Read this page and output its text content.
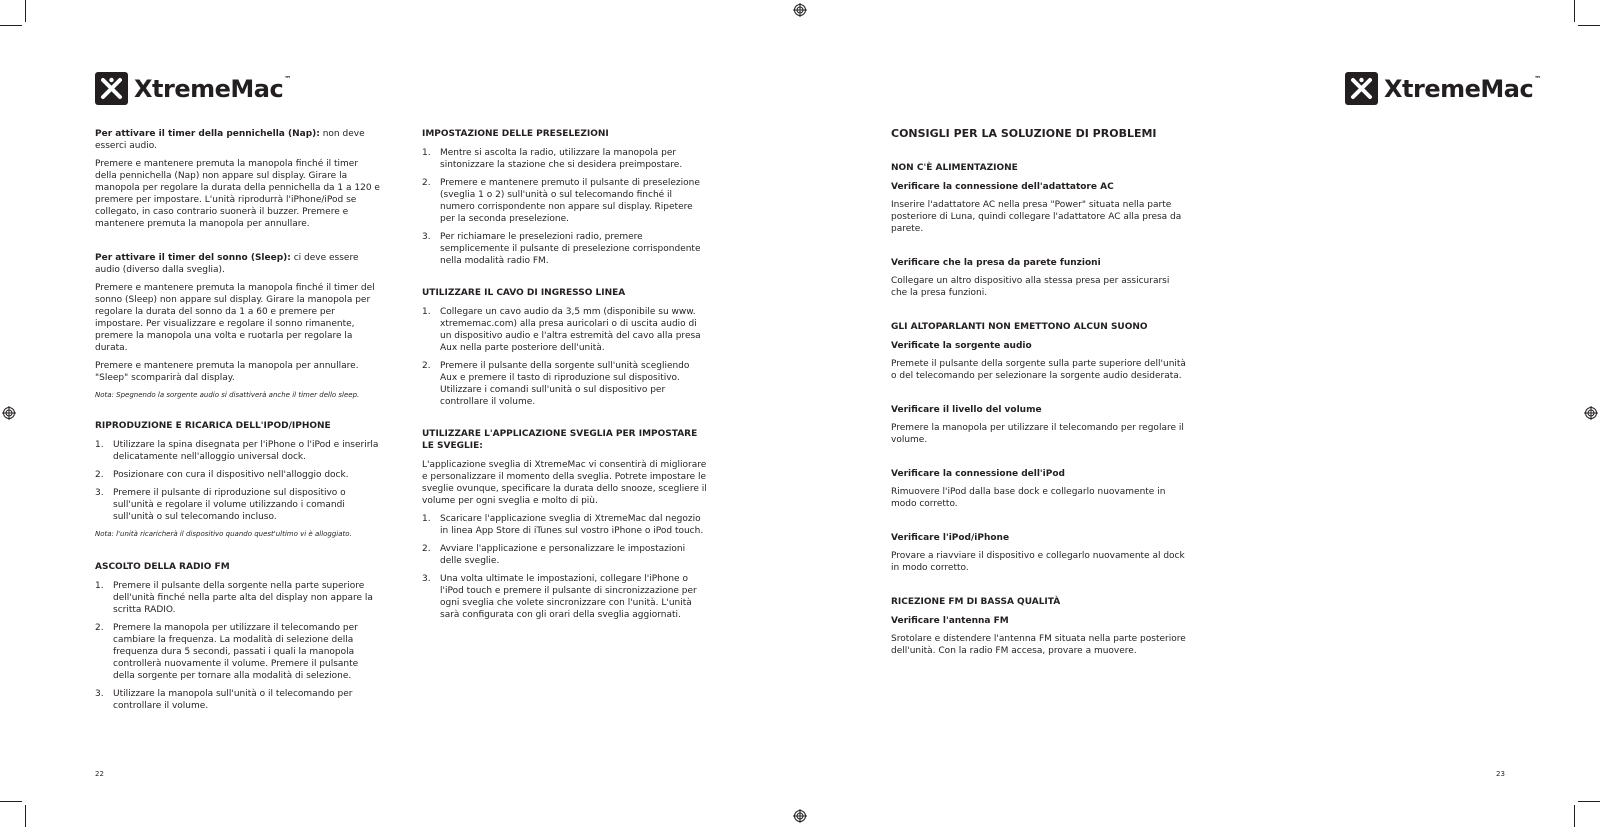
XtremeMac™	XtremeMac™

Per attivare il timer della pennichella (Nap): non deve esserci audio.

Premere e mantenere premuta la manopola finché il timer della pennichella (Nap) non appare sul display. Girare la manopola per regolare la durata della pennichella da 1 a 120 e premere per impostare. L'unità riprodurrà l'iPhone/iPod se collegato, in caso contrario suonerà il buzzer. Premere e mantenere premuta la manopola per annullare.

Per attivare il timer del sonno (Sleep): ci deve essere audio (diverso dalla sveglia).

Premere e mantenere premuta la manopola finché il timer del sonno (Sleep) non appare sul display. Girare la manopola per regolare la durata del sonno da 1 a 60 e premere per impostare. Per visualizzare e regolare il sonno rimanente, premere la manopola una volta e ruotarla per regolare la durata.

Premere e mantenere premuta la manopola per annullare. "Sleep" scomparirà dal display.

Nota: Spegnendo la sorgente audio si disattiverà anche il timer dello sleep.

RIPRODUZIONE E RICARICA DELL'IPOD/IPHONE
1.	Utilizzare la spina disegnata per l'iPhone o l'iPod e inserirla delicatamente nell'alloggio universal dock.
2.	Posizionare con cura il dispositivo nell'alloggio dock.
3.	Premere il pulsante di riproduzione sul dispositivo o sull'unità e regolare il volume utilizzando i comandi sull'unità o sul telecomando incluso.

Nota: l'unità ricaricherà il dispositivo quando quest'ultimo vi è alloggiato.

ASCOLTO DELLA RADIO FM
1.	Premere il pulsante della sorgente nella parte superiore dell'unità finché nella parte alta del display non appare la scritta RADIO.
2.	Premere la manopola per utilizzare il telecomando per cambiare la frequenza. La modalità di selezione della frequenza dura 5 secondi, passati i quali la manopola controllerà nuovamente il volume. Premere il pulsante della sorgente per tornare alla modalità di selezione.
3.	Utilizzare la manopola sull'unità o il telecomando per controllare il volume.
IMPOSTAZIONE DELLE PRESELEZIONI
1.	Mentre si ascolta la radio, utilizzare la manopola per sintonizzare la stazione che si desidera preimpostare.
2.	Premere e mantenere premuto il pulsante di preselezione (sveglia 1 o 2) sull'unità o sul telecomando finché il numero corrispondente non appare sul display. Ripetere per la seconda preselezione.
3.	Per richiamare le preselezioni radio, premere semplicemente il pulsante di preselezione corrispondente nella modalità radio FM.
UTILIZZARE IL CAVO DI INGRESSO LINEA
1.	Collegare un cavo audio da 3,5 mm (disponibile su www. xtrememac.com) alla presa auricolari o di uscita audio di un dispositivo audio e l'altra estremità del cavo alla presa Aux nella parte posteriore dell'unità.
2.	Premere il pulsante della sorgente sull'unità scegliendo Aux e premere il tasto di riproduzione sul dispositivo. Utilizzare i comandi sull'unità o sul dispositivo per controllare il volume.
UTILIZZARE L'APPLICAZIONE SVEGLIA PER IMPOSTARE LE SVEGLIE:

L'applicazione sveglia di XtremeMac vi consentirà di migliorare e personalizzare il momento della sveglia. Potrete impostare le sveglie ovunque, specificare la durata dello snooze, scegliere il volume per ogni sveglia e molto di più.

1.	Scaricare l'applicazione sveglia di XtremeMac dal negozio in linea App Store di iTunes sul vostro iPhone o iPod touch.
2.	Avviare l'applicazione e personalizzare le impostazioni delle sveglie.
3.	Una volta ultimate le impostazioni, collegare l'iPhone o l'iPod touch e premere il pulsante di sincronizzazione per ogni sveglia che volete sincronizzare con l'unità. L'unità sarà configurata con gli orari della sveglia aggiornati.
CONSIGLI PER LA SOLUZIONE DI PROBLEMI
NON C'È ALIMENTAZIONE
Verificare la connessione dell'adattatore AC

Inserire l'adattatore AC nella presa "Power" situata nella parte posteriore di Luna, quindi collegare l'adattatore AC alla presa da parete.

Verificare che la presa da parete funzioni

Collegare un altro dispositivo alla stessa presa per assicurarsi che la presa funzioni.

GLI ALTOPARLANTI NON EMETTONO ALCUN SUONO
Verificate la sorgente audio

Premete il pulsante della sorgente sulla parte superiore dell'unità o del telecomando per selezionare la sorgente audio desiderata.

Verificare il livello del volume

Premere la manopola per utilizzare il telecomando per regolare il volume.

Verificare la connessione dell'iPod

Rimuovere l'iPod dalla base dock e collegarlo nuovamente in modo corretto.

Verificare l'iPod/iPhone

Provare a riavviare il dispositivo e collegarlo nuovamente al dock in modo corretto.

RICEZIONE FM DI BASSA QUALITÀ
Verificare l'antenna FM

Srotolare e distendere l'antenna FM situata nella parte posteriore dell'unità. Con la radio FM accesa, provare a muovere.

22	23
